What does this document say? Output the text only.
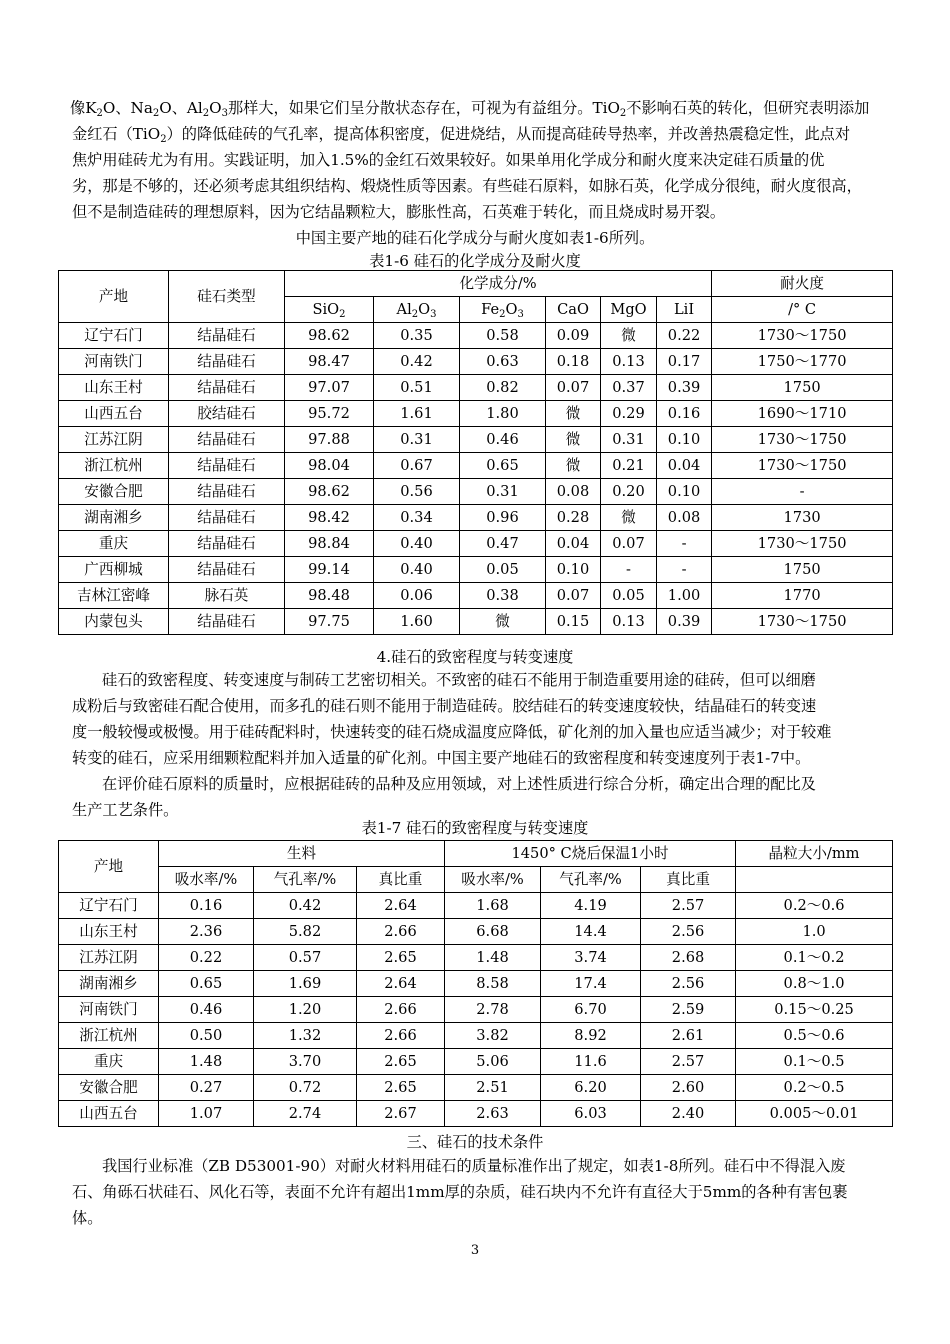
像$K_2O$、$Na_2O$、$Al_2O_3$那样大，如果它们呈分散状态存在，可视为有益组分。TiO$_2$不影响石英的转化，但研究表明添加

金红石（TiO$_2$）的降低硅砖的气孔率，提高体积密度，促进烧结，从而提高硅砖导热率，并改善热震稳定性，此点对

焦炉用硅砖尤为有用。实践证明，加入1.5%的金红石效果较好。如果单用化学成分和耐火度来决定硅石质量的优

劣，那是不够的，还必须考虑其组织结构、煅烧性质等因素。有些硅石原料，如脉石英，化学成分很纯，耐火度很高，

但不是制造硅砖的理想原料，因为它结晶颗粒大，膨胀性高，石英难于转化，而且烧成时易开裂。

中国主要产地的硅石化学成分与耐火度如表1-6所列。

表1-6 硅石的化学成分及耐火度

产地	硅石类型	化学成分/%						耐火度
		SiO$_2$	$Al_2O_3$	$Fe_2O_3$	CaO	MgO	LiI	/° C
辽宁石门	结晶硅石	98.62	0.35	0.58	0.09	微	0.22	1730～1750
河南铁门	结晶硅石	98.47	0.42	0.63	0.18	0.13	0.17	1750～1770
山东王村	结晶硅石	97.07	0.51	0.82	0.07	0.37	0.39	1750
山西五台	胶结硅石	95.72	1.61	1.80	微	0.29	0.16	1690～1710
江苏江阴	结晶硅石	97.88	0.31	0.46	微	0.31	0.10	1730～1750
浙江杭州	结晶硅石	98.04	0.67	0.65	微	0.21	0.04	1730～1750
安徽合肥	结晶硅石	98.62	0.56	0.31	0.08	0.20	0.10	-
湖南湘乡	结晶硅石	98.42	0.34	0.96	0.28	微	0.08	1730
重庆	结晶硅石	98.84	0.40	0.47	0.04	0.07	-	1730～1750
广西柳城	结晶硅石	99.14	0.40	0.05	0.10	-	-	1750
吉林江密峰	脉石英	98.48	0.06	0.38	0.07	0.05	1.00	1770
内蒙包头	结晶硅石	97.75	1.60	微	0.15	0.13	0.39	1730～1750

4.硅石的致密程度与转变速度

硅石的致密程度、转变速度与制砖工艺密切相关。不致密的硅石不能用于制造重要用途的硅砖，但可以细磨

成粉后与致密硅石配合使用，而多孔的硅石则不能用于制造硅砖。胶结硅石的转变速度较快，结晶硅石的转变速

度一般较慢或极慢。用于硅砖配料时，快速转变的硅石烧成温度应降低，矿化剂的加入量也应适当减少；对于较难

转变的硅石，应采用细颗粒配料并加入适量的矿化剂。中国主要产地硅石的致密程度和转变速度列于表1-7中。

在评价硅石原料的质量时，应根据硅砖的品种及应用领域，对上述性质进行综合分析，确定出合理的配比及

生产工艺条件。

表1-7 硅石的致密程度与转变速度

产地	生料			1450° C烧后保温1小时			晶粒大小/mm
	吸水率/%	气孔率/%	真比重	吸水率/%	气孔率/%	真比重	
辽宁石门	0.16	0.42	2.64	1.68	4.19	2.57	0.2～0.6
山东王村	2.36	5.82	2.66	6.68	14.4	2.56	1.0
江苏江阴	0.22	0.57	2.65	1.48	3.74	2.68	0.1～0.2
湖南湘乡	0.65	1.69	2.64	8.58	17.4	2.56	0.8～1.0
河南铁门	0.46	1.20	2.66	2.78	6.70	2.59	0.15～0.25
浙江杭州	0.50	1.32	2.66	3.82	8.92	2.61	0.5～0.6
重庆	1.48	3.70	2.65	5.06	11.6	2.57	0.1～0.5
安徽合肥	0.27	0.72	2.65	2.51	6.20	2.60	0.2～0.5
山西五台	1.07	2.74	2.67	2.63	6.03	2.40	0.005～0.01

三、硅石的技术条件

我国行业标准（ZB D53001-90）对耐火材料用硅石的质量标准作出了规定，如表1-8所列。硅石中不得混入废

石、角砾石状硅石、风化石等，表面不允许有超出1mm厚的杂质，硅石块内不允许有直径大于5mm的各种有害包裹

体。

3
